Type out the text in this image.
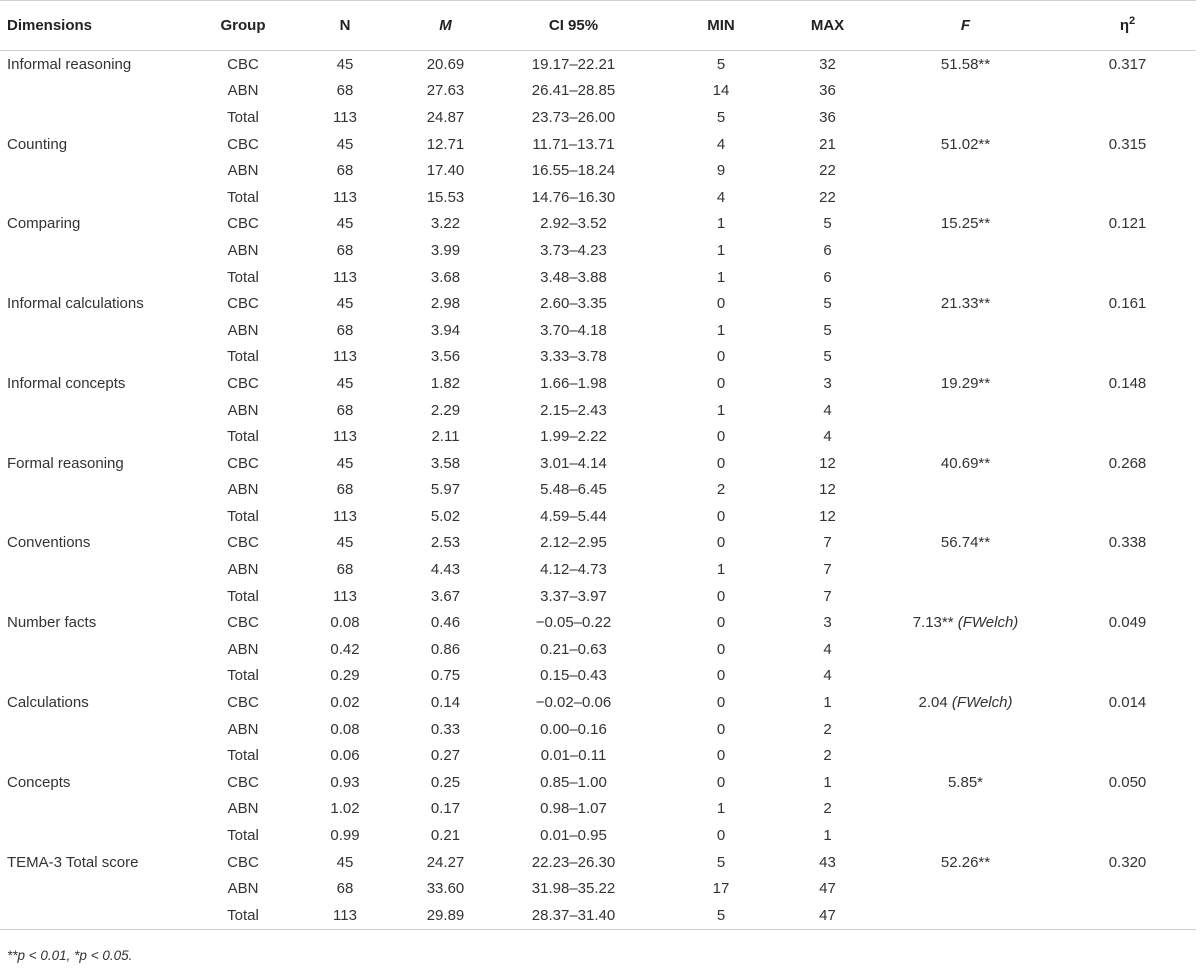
Dimensions	Group	N	M	CI 95%	MIN	MAX	F	$\eta^2$
Informal reasoning	CBC	45	20.69	19.17–22.21	5	32	51.58**	0.317
	ABN	68	27.63	26.41–28.85	14	36		
	Total	113	24.87	23.73–26.00	5	36		
Counting	CBC	45	12.71	11.71–13.71	4	21	51.02**	0.315
	ABN	68	17.40	16.55–18.24	9	22		
	Total	113	15.53	14.76–16.30	4	22		
Comparing	CBC	45	3.22	2.92–3.52	1	5	15.25**	0.121
	ABN	68	3.99	3.73–4.23	1	6		
	Total	113	3.68	3.48–3.88	1	6		
Informal calculations	CBC	45	2.98	2.60–3.35	0	5	21.33**	0.161
	ABN	68	3.94	3.70–4.18	1	5		
	Total	113	3.56	3.33–3.78	0	5		
Informal concepts	CBC	45	1.82	1.66–1.98	0	3	19.29**	0.148
	ABN	68	2.29	2.15–2.43	1	4		
	Total	113	2.11	1.99–2.22	0	4		
Formal reasoning	CBC	45	3.58	3.01–4.14	0	12	40.69**	0.268
	ABN	68	5.97	5.48–6.45	2	12		
	Total	113	5.02	4.59–5.44	0	12		
Conventions	CBC	45	2.53	2.12–2.95	0	7	56.74**	0.338
	ABN	68	4.43	4.12–4.73	1	7		
	Total	113	3.67	3.37–3.97	0	7		
Number facts	CBC	0.08	0.46	−0.05–0.22	0	3	7.13** (FWelch)	0.049
	ABN	0.42	0.86	0.21–0.63	0	4		
	Total	0.29	0.75	0.15–0.43	0	4		
Calculations	CBC	0.02	0.14	−0.02–0.06	0	1	2.04 (FWelch)	0.014
	ABN	0.08	0.33	0.00–0.16	0	2		
	Total	0.06	0.27	0.01–0.11	0	2		
Concepts	CBC	0.93	0.25	0.85–1.00	0	1	5.85*	0.050
	ABN	1.02	0.17	0.98–1.07	1	2		
	Total	0.99	0.21	0.01–0.95	0	1		
TEMA-3 Total score	CBC	45	24.27	22.23–26.30	5	43	52.26**	0.320
	ABN	68	33.60	31.98–35.22	17	47		
	Total	113	29.89	28.37–31.40	5	47		
**p < 0.01, *p < 0.05.
